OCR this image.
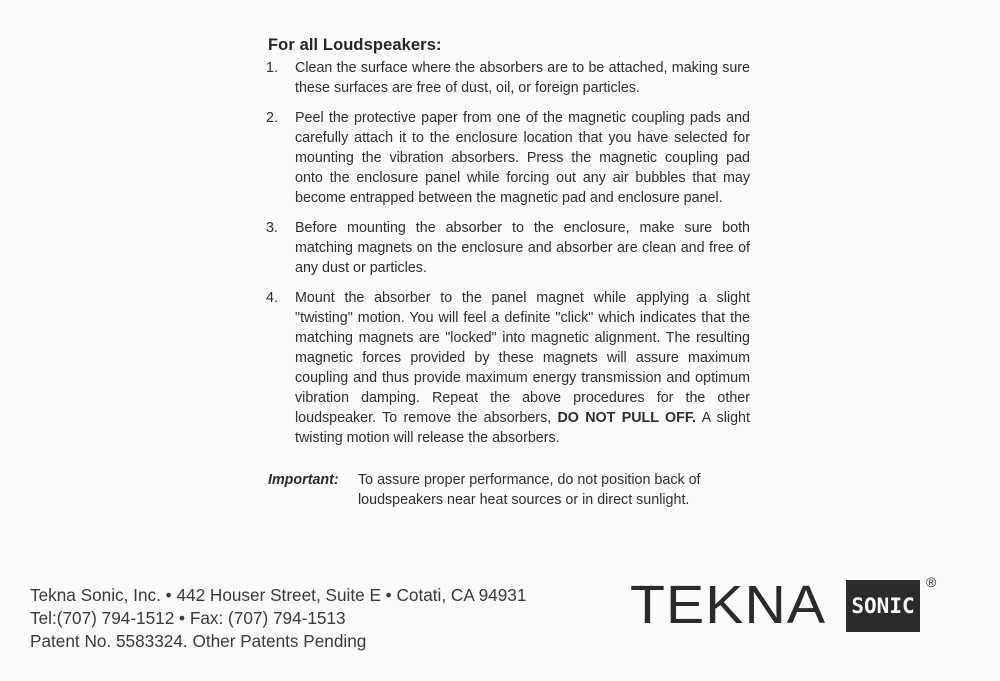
For all Loudspeakers:
1. Clean the surface where the absorbers are to be attached, making sure these surfaces are free of dust, oil, or foreign particles.
2. Peel the protective paper from one of the magnetic coupling pads and carefully attach it to the enclosure location that you have selected for mounting the vibration absorbers. Press the magnetic coupling pad onto the enclosure panel while forcing out any air bubbles that may become entrapped between the magnetic pad and enclosure panel.
3. Before mounting the absorber to the enclosure, make sure both matching magnets on the enclosure and absorber are clean and free of any dust or particles.
4. Mount the absorber to the panel magnet while applying a slight "twisting" motion. You will feel a definite "click" which indicates that the matching magnets are "locked" into magnetic alignment. The resulting magnetic forces provided by these magnets will assure maximum coupling and thus provide maximum energy transmission and optimum vibration damping. Repeat the above procedures for the other loudspeaker. To remove the absorbers, DO NOT PULL OFF. A slight twisting motion will release the absorbers.
Important: To assure proper performance, do not position back of loudspeakers near heat sources or in direct sunlight.
Tekna Sonic, Inc. • 442 Houser Street, Suite E • Cotati, CA 94931
Tel:(707) 794-1512 • Fax: (707) 794-1513
Patent No. 5583324. Other Patents Pending
TEKNA SONIC
®
